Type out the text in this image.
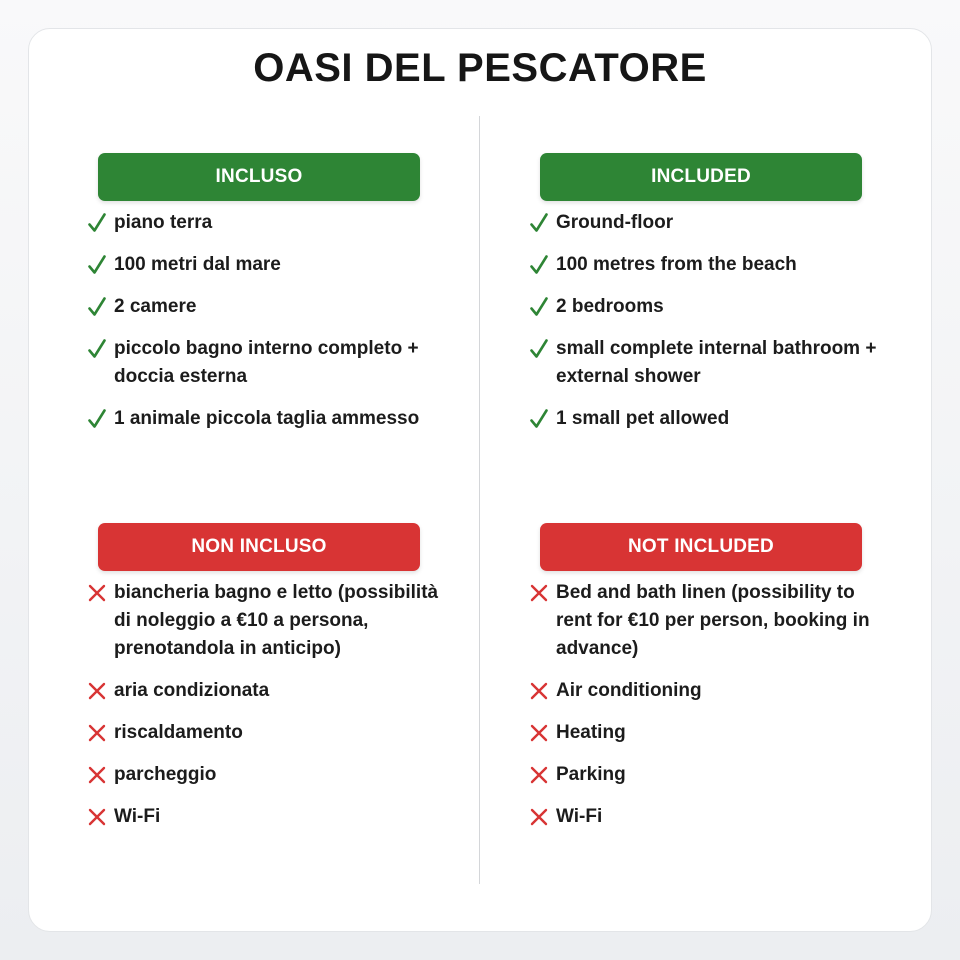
OASI DEL PESCATORE
INCLUSO
piano terra
100 metri dal mare
2 camere
piccolo bagno interno completo + doccia esterna
1 animale piccola taglia ammesso
NON INCLUSO
biancheria bagno e letto (possibilità di noleggio a €10 a persona, prenotandola in anticipo)
aria condizionata
riscaldamento
parcheggio
Wi-Fi
INCLUDED
Ground-floor
100 metres from the beach
2 bedrooms
small complete internal bathroom + external shower
1 small pet allowed
NOT INCLUDED
Bed and bath linen (possibility to rent for €10 per person, booking in advance)
Air conditioning
Heating
Parking
Wi-Fi
